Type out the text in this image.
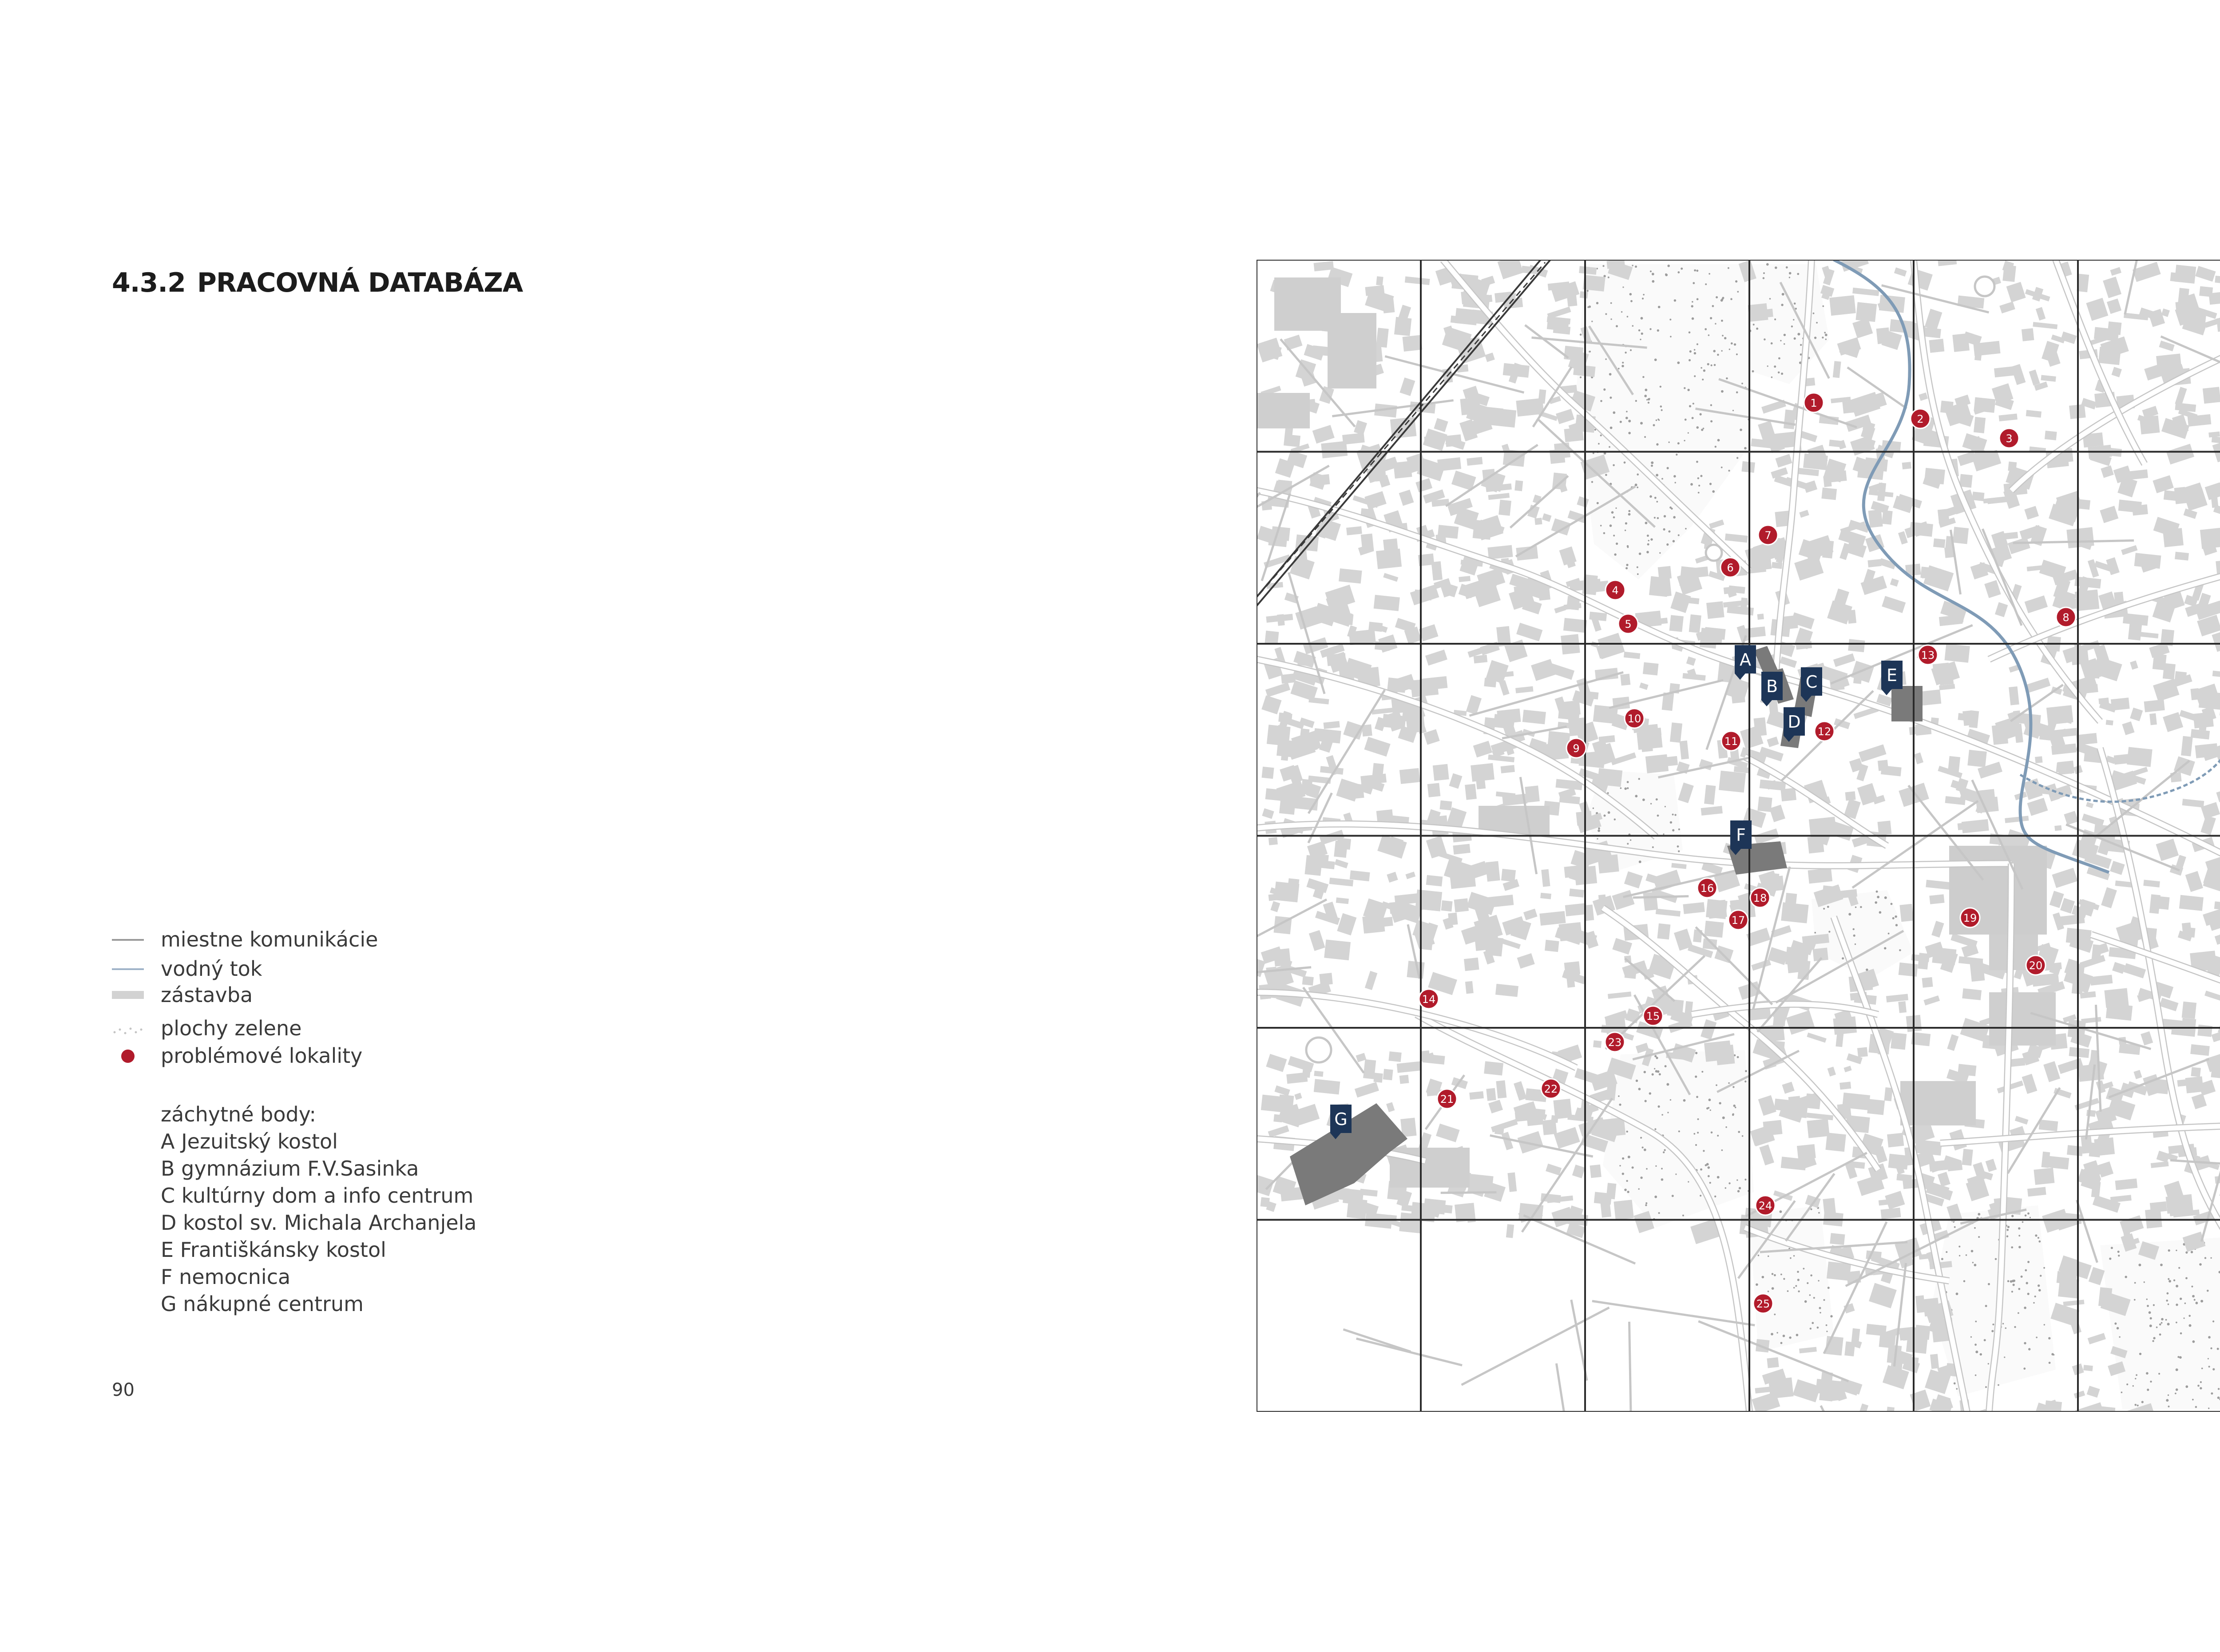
4.3.2 PRACOVNÁ DATABÁZA
miestne komunikácie
vodný tok
zástavba
plochy zelene
problémové lokality
záchytné body:
A Jezuitský kostol
B gymnázium F.V.Sasinka
C kultúrny dom a info centrum
D kostol sv. Michala Archanjela
E Františkánsky kostol
F nemocnica
G nákupné centrum
90
1
2
3
4
5
6
7
8
9
10
11
12
13
14
15
16
17
18
19
20
21
22
23
24
25
A
B C
D
E
F
G
